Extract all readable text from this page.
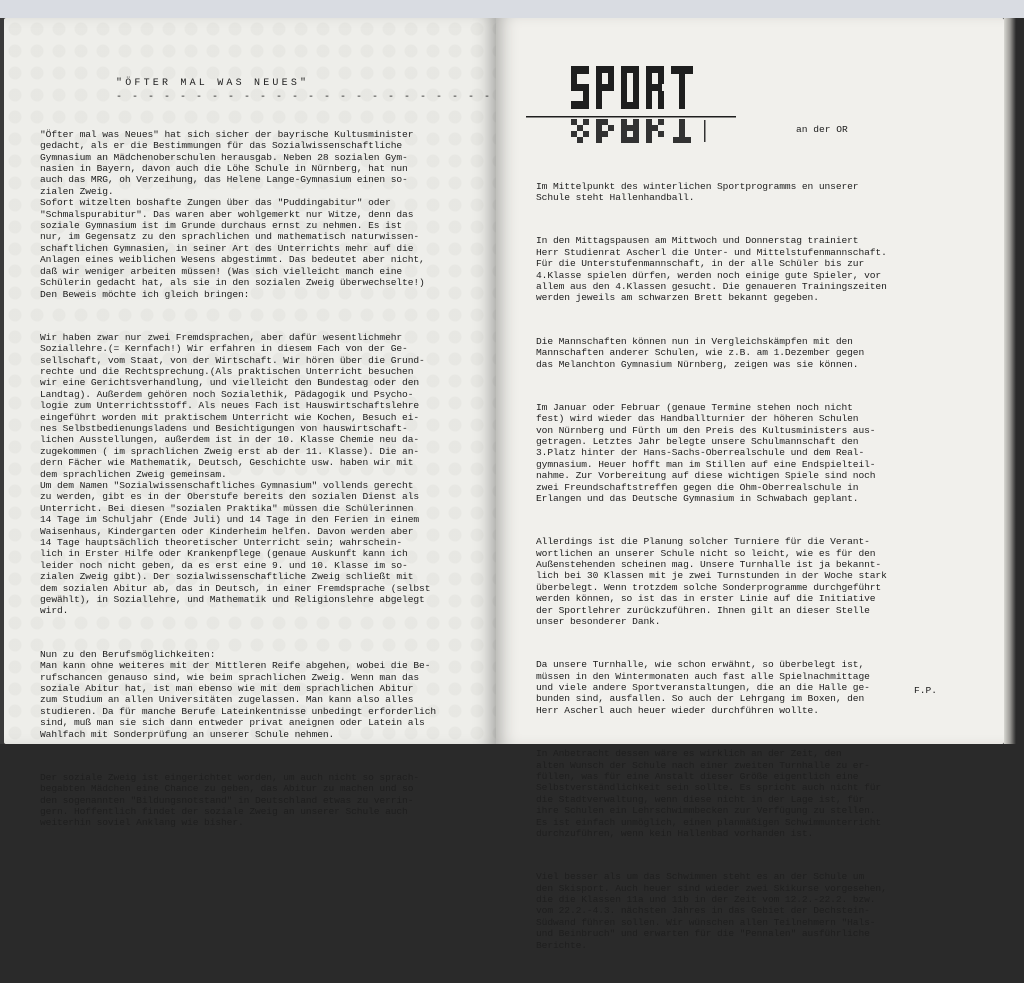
"ÖFTER MAL WAS NEUES"
- - - - - - - - - - - - - - - - - - - - - - - -

"Öfter mal was Neues" hat sich sicher der bayrische Kultusminister
gedacht, als er die Bestimmungen für das Sozialwissenschaftliche
Gymnasium an Mädchenoberschulen herausgab. Neben 28 sozialen Gym-
nasien in Bayern, davon auch die Löhe Schule in Nürnberg, hat nun
auch das MRG, oh Verzeihung, das Helene Lange-Gymnasium einen so-
zialen Zweig.
Sofort witzelten boshafte Zungen über das "Puddingabitur" oder
"Schmalspurabitur". Das waren aber wohlgemerkt nur Witze, denn das
soziale Gymnasium ist im Grunde durchaus ernst zu nehmen. Es ist
nur, im Gegensatz zu den sprachlichen und mathematisch naturwissen-
schaftlichen Gymnasien, in seiner Art des Unterrichts mehr auf die
Anlagen eines weiblichen Wesens abgestimmt. Das bedeutet aber nicht,
daß wir weniger arbeiten müssen! (Was sich vielleicht manch eine
Schülerin gedacht hat, als sie in den sozialen Zweig überwechselte!)
Den Beweis möchte ich gleich bringen:

Wir haben zwar nur zwei Fremdsprachen, aber dafür wesentlichmehr
Soziallehre.(= Kernfach!) Wir erfahren in diesem Fach von der Ge-
sellschaft, vom Staat, von der Wirtschaft. Wir hören über die Grund-
rechte und die Rechtsprechung.(Als praktischen Unterricht besuchen
wir eine Gerichtsverhandlung, und vielleicht den Bundestag oder den
Landtag). Außerdem gehören noch Sozialethik, Pädagogik und Psycho-
logie zum Unterrichtsstoff. Als neues Fach ist Hauswirtschaftslehre
eingeführt worden mit praktischem Unterricht wie Kochen, Besuch ei-
nes Selbstbedienungsladens und Besichtigungen von hauswirtschaft-
lichen Ausstellungen, außerdem ist in der 10. Klasse Chemie neu da-
zugekommen ( im sprachlichen Zweig erst ab der 11. Klasse). Die an-
dern Fächer wie Mathematik, Deutsch, Geschichte usw. haben wir mit
dem sprachlichen Zweig gemeinsam.
Um dem Namen "Sozialwissenschaftliches Gymnasium" vollends gerecht
zu werden, gibt es in der Oberstufe bereits den sozialen Dienst als
Unterricht. Bei diesen "sozialen Praktika" müssen die Schülerinnen
14 Tage im Schuljahr (Ende Juli) und 14 Tage in den Ferien in einem
Waisenhaus, Kindergarten oder Kinderheim helfen. Davon werden aber
14 Tage hauptsächlich theoretischer Unterricht sein; wahrschein-
lich in Erster Hilfe oder Krankenpflege (genaue Auskunft kann ich
leider noch nicht geben, da es erst eine 9. und 10. Klasse im so-
zialen Zweig gibt). Der sozialwissenschaftliche Zweig schließt mit
dem sozialen Abitur ab, das in Deutsch, in einer Fremdsprache (selbst
gewählt), in Soziallehre, und Mathematik und Religionslehre abgelegt
wird.

Nun zu den Berufsmöglichkeiten:
Man kann ohne weiteres mit der Mittleren Reife abgehen, wobei die Be-
rufschancen genauso sind, wie beim sprachlichen Zweig. Wenn man das
soziale Abitur hat, ist man ebenso wie mit dem sprachlichen Abitur
zum Studium an allen Universitäten zugelassen. Man kann also alles
studieren. Da für manche Berufe Lateinkentnisse unbedingt erforderlich
sind, muß man sie sich dann entweder privat aneignen oder Latein als
Wahlfach mit Sonderprüfung an unserer Schule nehmen.

Der soziale Zweig ist eingerichtet worden, um auch nicht so sprach-
begabten Mädchen eine Chance zu geben, das Abitur zu machen und so
den sogenannten "Bildungsnotstand" in Deutschland etwas zu verrin-
gern. Hoffentlich findet der soziale Zweig an unserer Schule auch
weiterhin soviel Anklang wie bisher.

an der OR

Im Mittelpunkt des winterlichen Sportprogramms en unserer
Schule steht Hallenhandball.

In den Mittagspausen am Mittwoch und Donnerstag trainiert
Herr Studienrat Ascherl die Unter- und Mittelstufenmannschaft.
Für die Unterstufenmannschaft, in der alle Schüler bis zur
4.Klasse spielen dürfen, werden noch einige gute Spieler, vor
allem aus den 4.Klassen gesucht. Die genaueren Trainingszeiten
werden jeweils am schwarzen Brett bekannt gegeben.

Die Mannschaften können nun in Vergleichskämpfen mit den
Mannschaften anderer Schulen, wie z.B. am 1.Dezember gegen
das Melanchton Gymnasium Nürnberg, zeigen was sie können.

Im Januar oder Februar (genaue Termine stehen noch nicht
fest) wird wieder das Handballturnier der höheren Schulen
von Nürnberg und Fürth um den Preis des Kultusministers aus-
getragen. Letztes Jahr belegte unsere Schulmannschaft den
3.Platz hinter der Hans-Sachs-Oberrealschule und dem Real-
gymnasium. Heuer hofft man im Stillen auf eine Endspielteil-
nahme. Zur Vorbereitung auf diese wichtigen Spiele sind noch
zwei Freundschaftstreffen gegen die Ohm-Oberrealschule in
Erlangen und das Deutsche Gymnasium in Schwabach geplant.

Allerdings ist die Planung solcher Turniere für die Verant-
wortlichen an unserer Schule nicht so leicht, wie es für den
Außenstehenden scheinen mag. Unsere Turnhalle ist ja bekannt-
lich bei 30 Klassen mit je zwei Turnstunden in der Woche stark
überbelegt. Wenn trotzdem solche Sonderprogramme durchgeführt
werden können, so ist das in erster Linie auf die Initiative
der Sportlehrer zurückzuführen. Ihnen gilt an dieser Stelle
unser besonderer Dank.

Da unsere Turnhalle, wie schon erwähnt, so überbelegt ist,
müssen in den Wintermonaten auch fast alle Spielnachmittage
und viele andere Sportveranstaltungen, die an die Halle ge-
bunden sind, ausfallen. So auch der Lehrgang im Boxen, den
Herr Ascherl auch heuer wieder durchführen wollte.

In Anbetracht dessen wäre es wirklich an der Zeit, den
alten Wunsch der Schule nach einer zweiten Turnhalle zu er-
füllen, was für eine Anstalt dieser Größe eigentlich eine
Selbstverständlichkeit sein sollte. Es spricht auch nicht für
die Stadtverwaltung, wenn diese nicht in der Lage ist, für
ihre Schulen ein Lehrschwimmbecken zur Verfügung zu stellen.
Es ist einfach unmöglich, einen planmäßigen Schwimmunterricht
durchzuführen, wenn kein Hallenbad vorhanden ist.

Viel besser als um das Schwimmen steht es an der Schule um
den Skisport. Auch heuer sind wieder zwei Skikurse vorgesehen,
die die Klassen 11a und 11b in der Zeit vom 12.2.-22.2. bzw.
vom 22.2.-4.3. nächsten Jahres in das Gebiet der Dechstein-
Südwand führen sollen. Wir wünschen allen Teilnehmern "Hals-
und Beinbruch" und erwarten für die "Pennalen" ausführliche
Berichte.

F.P.
